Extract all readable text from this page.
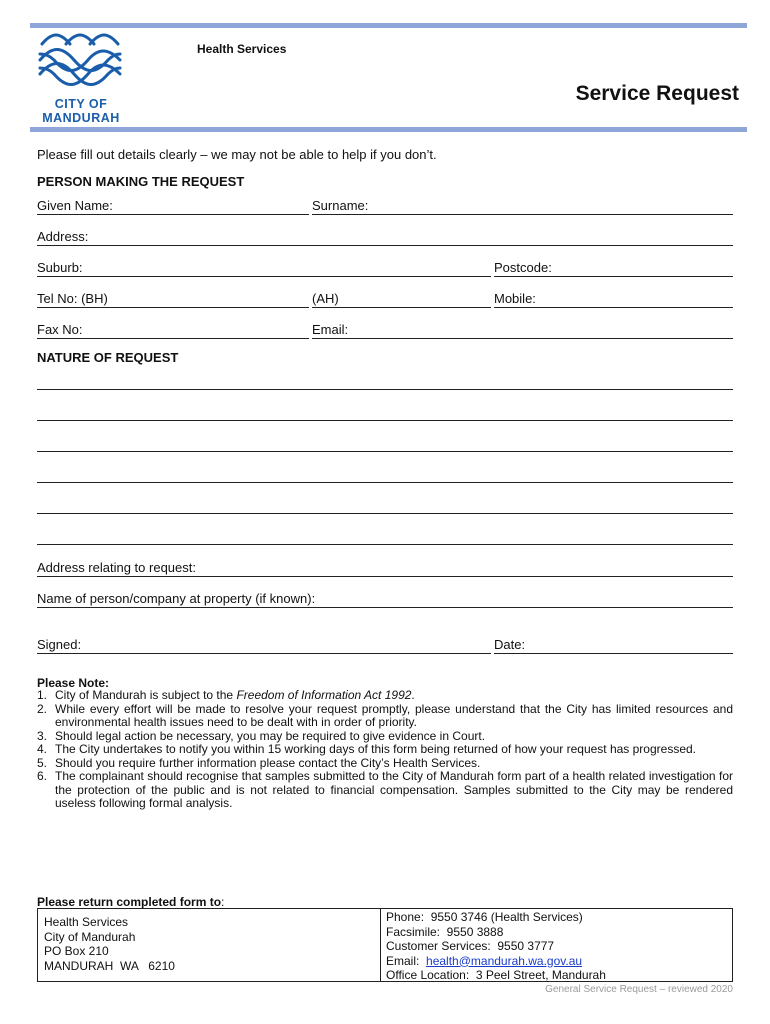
CITY OF
MANDURAH
Health Services
Service Request
Please fill out details clearly – we may not be able to help if you don’t.
PERSON MAKING THE REQUEST
Given Name:	Surname:
Address:
Suburb:	Postcode:
Tel No: (BH)	(AH)	Mobile:
Fax No:	Email:
NATURE OF REQUEST
Address relating to request:
Name of person/company at property (if known):
Signed:	Date:
Please Note:
1. City of Mandurah is subject to the Freedom of Information Act 1992.
2. While every effort will be made to resolve your request promptly, please understand that the City has limited resources and environmental health issues need to be dealt with in order of priority.
3. Should legal action be necessary, you may be required to give evidence in Court.
4. The City undertakes to notify you within 15 working days of this form being returned of how your request has progressed.
5. Should you require further information please contact the City’s Health Services.
6. The complainant should recognise that samples submitted to the City of Mandurah form part of a health related investigation for the protection of the public and is not related to financial compensation. Samples submitted to the City may be rendered useless following formal analysis.
Please return completed form to:
Health Services
City of Mandurah
PO Box 210
MANDURAH  WA   6210
Phone:  9550 3746 (Health Services)
Facsimile:  9550 3888
Customer Services:  9550 3777
Email:  health@mandurah.wa.gov.au
Office Location:  3 Peel Street, Mandurah
General Service Request – reviewed 2020
